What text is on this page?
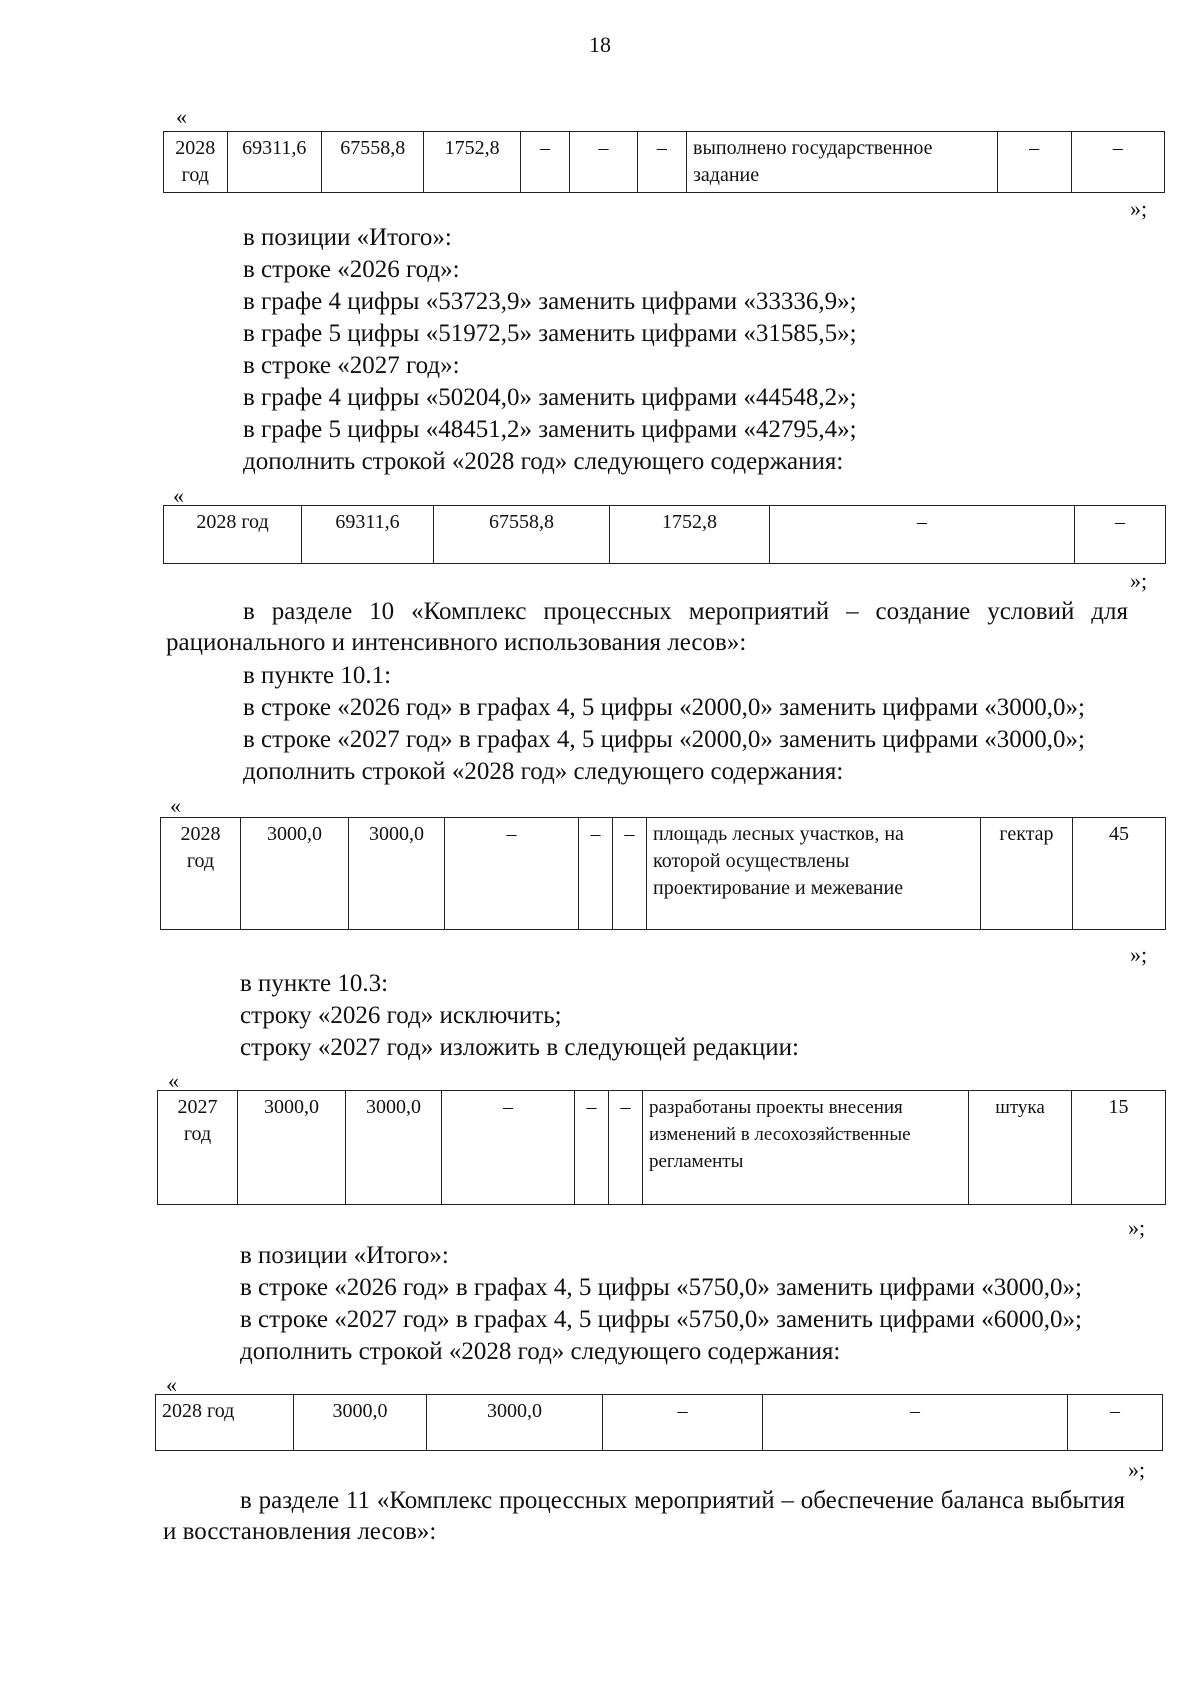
18
«
2028 год	69311,6	67558,8	1752,8	–	–	–	выполнено государственное задание	–	–
»;
в позиции «Итого»:
в строке «2026 год»:
в графе 4 цифры «53723,9» заменить цифрами «33336,9»;
в графе 5 цифры «51972,5» заменить цифрами «31585,5»;
в строке «2027 год»:
в графе 4 цифры «50204,0» заменить цифрами «44548,2»;
в графе 5 цифры «48451,2» заменить цифрами «42795,4»;
дополнить строкой «2028 год» следующего содержания:
«
2028 год	69311,6	67558,8	1752,8	–	–
»;
в разделе 10 «Комплекс процессных мероприятий – создание условий для рационального и интенсивного использования лесов»:
в пункте 10.1:
в строке «2026 год» в графах 4, 5 цифры «2000,0» заменить цифрами «3000,0»;
в строке «2027 год» в графах 4, 5 цифры «2000,0» заменить цифрами «3000,0»;
дополнить строкой «2028 год» следующего содержания:
«
2028 год	3000,0	3000,0	–	–	–	площадь лесных участков, на которой осуществлены проектирование и межевание	гектар	45
»;
в пункте 10.3:
строку «2026 год» исключить;
строку «2027 год» изложить в следующей редакции:
«
2027 год	3000,0	3000,0	–	–	–	разработаны проекты внесения изменений в лесохозяйственные регламенты	штука	15
»;
в позиции «Итого»:
в строке «2026 год» в графах 4, 5 цифры «5750,0» заменить цифрами «3000,0»;
в строке «2027 год» в графах 4, 5 цифры «5750,0» заменить цифрами «6000,0»;
дополнить строкой «2028 год» следующего содержания:
«
2028 год	3000,0	3000,0	–	–	–
»;
в разделе 11 «Комплекс процессных мероприятий – обеспечение баланса выбытия и восстановления лесов»:
